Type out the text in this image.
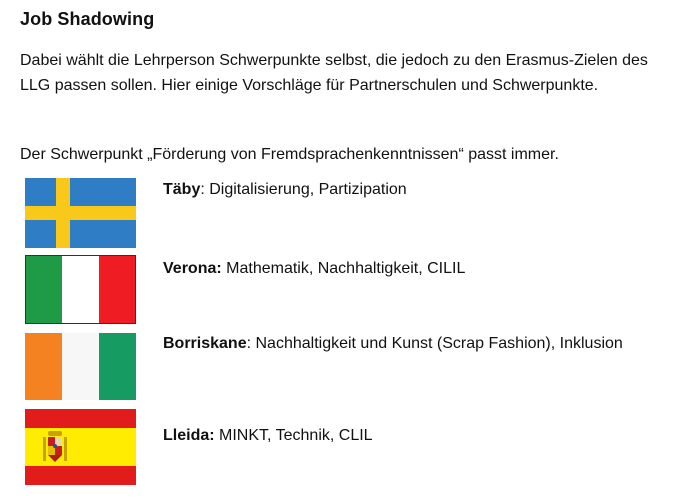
Job Shadowing
Dabei wählt die Lehrperson Schwerpunkte selbst, die jedoch zu den Erasmus-Zielen des LLG passen sollen. Hier einige Vorschläge für Partnerschulen und Schwerpunkte.
Der Schwerpunkt „Förderung von Fremdsprachenkenntnissen“ passt immer.
Täby: Digitalisierung, Partizipation
Verona: Mathematik, Nachhaltigkeit, CILIL
Borriskane: Nachhaltigkeit und Kunst (Scrap Fashion), Inklusion
Lleida: MINKT, Technik, CLIL
